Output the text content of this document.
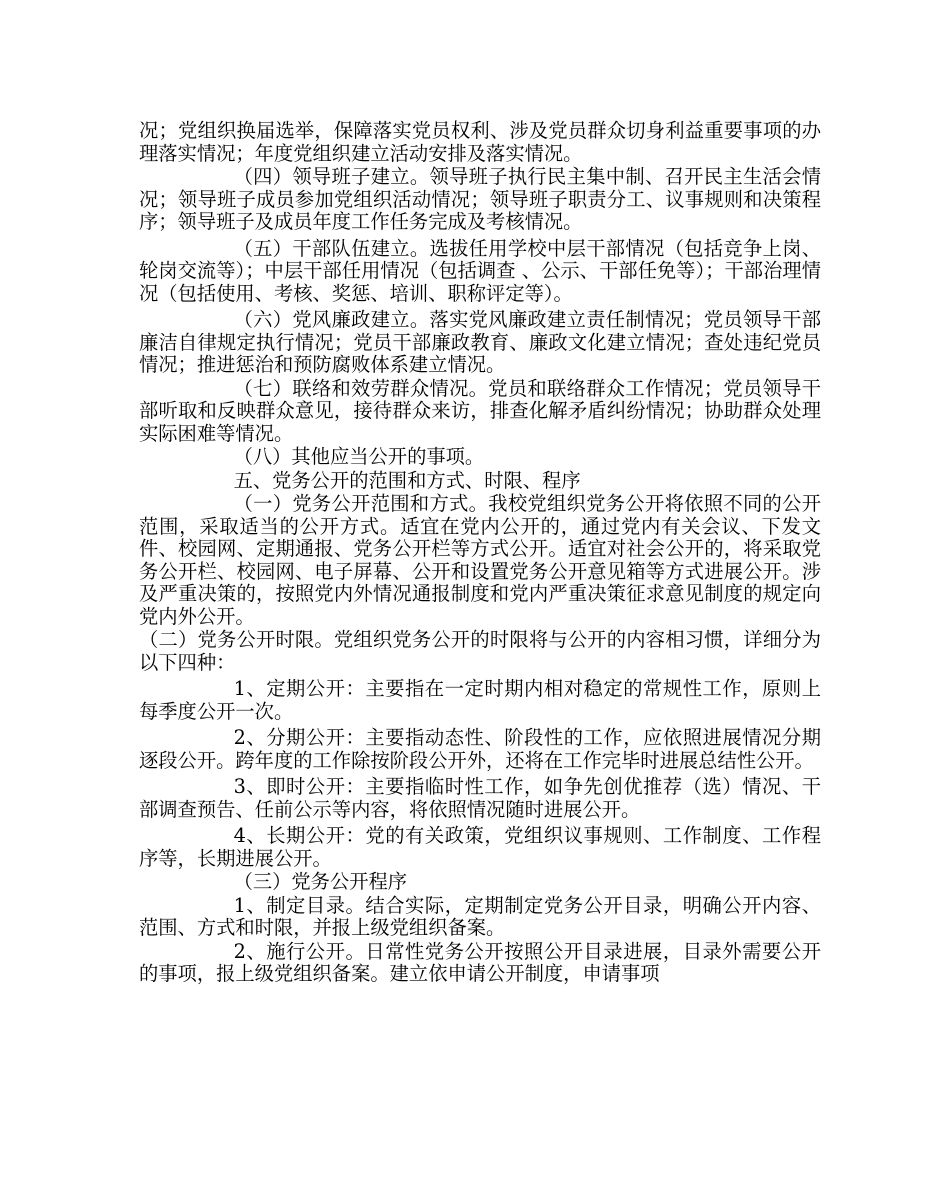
况；党组织换届选举，保障落实党员权利、涉及党员群众切身利益重要事项的办理落实情况；年度党组织建立活动安排及落实情况。

（四）领导班子建立。领导班子执行民主集中制、召开民主生活会情况；领导班子成员参加党组织活动情况；领导班子职责分工、议事规则和决策程序；领导班子及成员年度工作任务完成及考核情况。

（五）干部队伍建立。选拔任用学校中层干部情况（包括竞争上岗、轮岗交流等）；中层干部任用情况（包括调查 、公示、干部任免等）；干部治理情况（包括使用、考核、奖惩、培训、职称评定等）。

（六）党风廉政建立。落实党风廉政建立责任制情况；党员领导干部廉洁自律规定执行情况；党员干部廉政教育、廉政文化建立情况；查处违纪党员情况；推进惩治和预防腐败体系建立情况。

（七）联络和效劳群众情况。党员和联络群众工作情况；党员领导干部听取和反映群众意见，接待群众来访，排查化解矛盾纠纷情况；协助群众处理实际困难等情况。

（八）其他应当公开的事项。

五、党务公开的范围和方式、时限、程序

（一）党务公开范围和方式。我校党组织党务公开将依照不同的公开范围，采取适当的公开方式。适宜在党内公开的，通过党内有关会议、下发文件、校园网、定期通报、党务公开栏等方式公开。适宜对社会公开的，将采取党务公开栏、校园网、电子屏幕、公开和设置党务公开意见箱等方式进展公开。涉及严重决策的，按照党内外情况通报制度和党内严重决策征求意见制度的规定向党内外公开。

（二）党务公开时限。党组织党务公开的时限将与公开的内容相习惯，详细分为以下四种：

1、定期公开：主要指在一定时期内相对稳定的常规性工作，原则上每季度公开一次。

2、分期公开：主要指动态性、阶段性的工作，应依照进展情况分期逐段公开。跨年度的工作除按阶段公开外，还将在工作完毕时进展总结性公开。

3、即时公开：主要指临时性工作，如争先创优推荐（选）情况、干部调查预告、任前公示等内容，将依照情况随时进展公开。

4、长期公开：党的有关政策，党组织议事规则、工作制度、工作程序等，长期进展公开。

（三）党务公开程序

1、制定目录。结合实际，定期制定党务公开目录，明确公开内容、范围、方式和时限，并报上级党组织备案。

2、施行公开。日常性党务公开按照公开目录进展，目录外需要公开的事项，报上级党组织备案。建立依申请公开制度，申请事项
